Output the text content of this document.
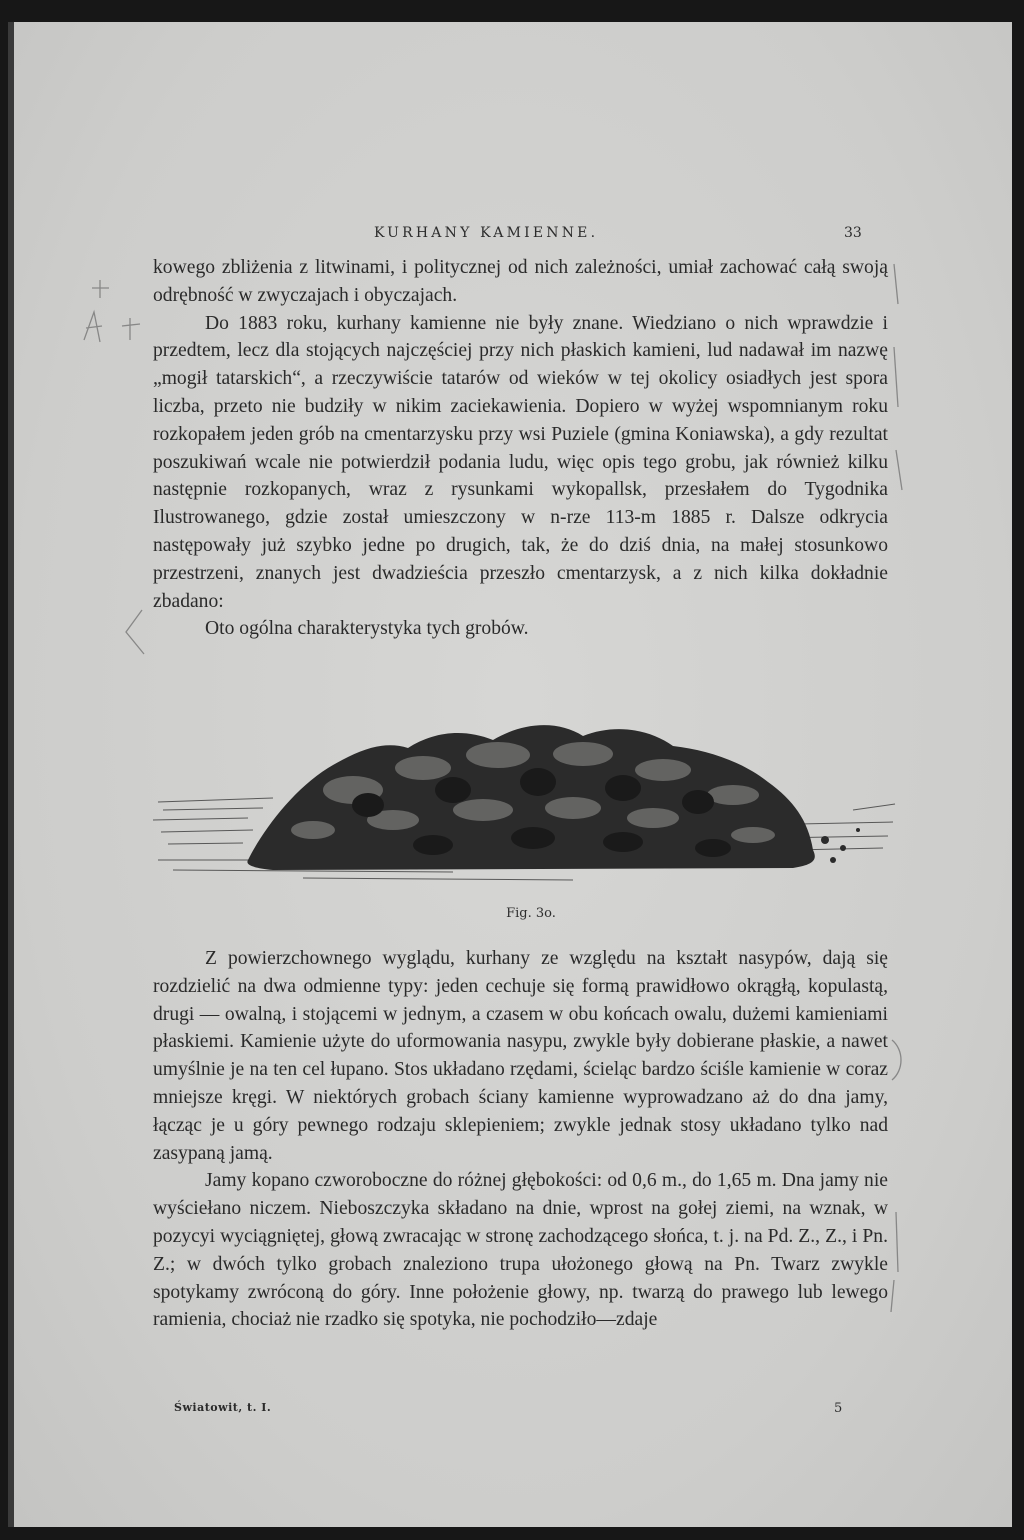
KURHANY KAMIENNE.	33

kowego zbliżenia z litwinami, i politycznej od nich zależności, umiał zachować całą swoją odrębność w zwyczajach i obyczajach.

Do 1883 roku, kurhany kamienne nie były znane. Wiedziano o nich wprawdzie i przedtem, lecz dla stojących najczęściej przy nich płaskich kamieni, lud nadawał im nazwę „mogił tatarskich“, a rzeczywiście tatarów od wieków w tej okolicy osiadłych jest spora liczba, przeto nie budziły w nikim zaciekawienia. Dopiero w wyżej wspomnianym roku rozkopałem jeden grób na cmentarzysku przy wsi Puziele (gmina Koniawska), a gdy rezultat poszukiwań wcale nie potwierdził podania ludu, więc opis tego grobu, jak również kilku następnie rozkopanych, wraz z rysunkami wykopallsk, przesłałem do Tygodnika Ilustrowanego, gdzie został umieszczony w n-rze 113-m 1885 r. Dalsze odkrycia następowały już szybko jedne po drugich, tak, że do dziś dnia, na małej stosunkowo przestrzeni, znanych jest dwadzieścia przeszło cmentarzysk, a z nich kilka dokładnie zbadano:

Oto ogólna charakterystyka tych grobów.

Fig. 3o.

Z powierzchownego wyglądu, kurhany ze względu na kształt nasypów, dają się rozdzielić na dwa odmienne typy: jeden cechuje się formą prawidłowo okrągłą, kopulastą, drugi — owalną, i stojącemi w jednym, a czasem w obu końcach owalu, dużemi kamieniami płaskiemi. Kamienie użyte do uformowania nasypu, zwykle były dobierane płaskie, a nawet umyślnie je na ten cel łupano. Stos układano rzędami, ścieląc bardzo ściśle kamienie w coraz mniejsze kręgi. W niektórych grobach ściany kamienne wyprowadzano aż do dna jamy, łącząc je u góry pewnego rodzaju sklepieniem; zwykle jednak stosy układano tylko nad zasypaną jamą.

Jamy kopano czworoboczne do różnej głębokości: od 0,6 m., do 1,65 m. Dna jamy nie wyściełano niczem. Nieboszczyka składano na dnie, wprost na gołej ziemi, na wznak, w pozycyi wyciągniętej, głową zwracając w stronę zachodzącego słońca, t. j. na Pd. Z., Z., i Pn. Z.; w dwóch tylko grobach znaleziono trupa ułożonego głową na Pn. Twarz zwykle spotykamy zwróconą do góry. Inne położenie głowy, np. twarzą do prawego lub lewego ramienia, chociaż nie rzadko się spotyka, nie pochodziło—zdaje

Światowit, t. I.	5
